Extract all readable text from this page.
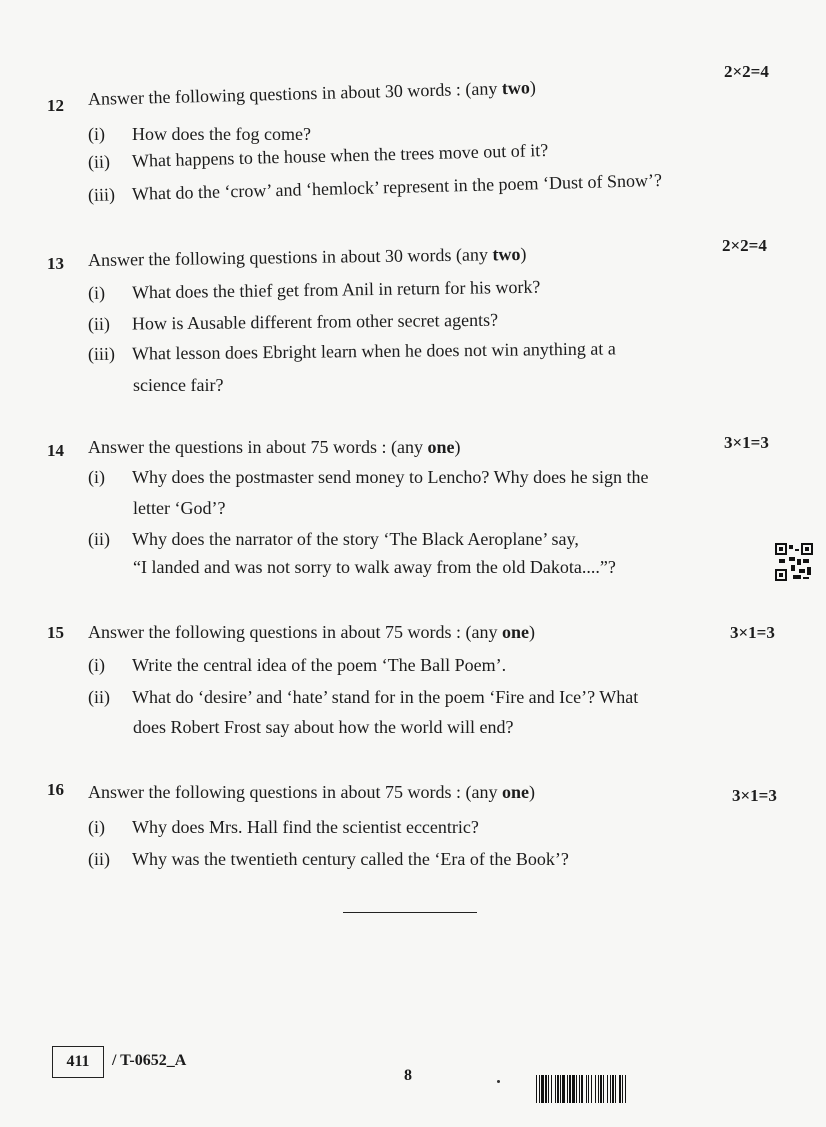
2×2=4
12 Answer the following questions in about 30 words : (any two)
(i) How does the fog come?
(ii) What happens to the house when the trees move out of it?
(iii) What do the ‘crow’ and ‘hemlock’ represent in the poem ‘Dust of Snow’?
2×2=4
13 Answer the following questions in about 30 words (any two)
(i) What does the thief get from Anil in return for his work?
(ii) How is Ausable different from other secret agents?
(iii) What lesson does Ebright learn when he does not win anything at a
science fair?
3×1=3
14 Answer the questions in about 75 words : (any one)
(i) Why does the postmaster send money to Lencho? Why does he sign the
letter ‘God’?
(ii) Why does the narrator of the story ‘The Black Aeroplane’ say,
“I landed and was not sorry to walk away from the old Dakota....”?
3×1=3
15 Answer the following questions in about 75 words : (any one)
(i) Write the central idea of the poem ‘The Ball Poem’.
(ii) What do ‘desire’ and ‘hate’ stand for in the poem ‘Fire and Ice’? What
does Robert Frost say about how the world will end?
3×1=3
16 Answer the following questions in about 75 words : (any one)
(i) Why does Mrs. Hall find the scientist eccentric?
(ii) Why was the twentieth century called the ‘Era of the Book’?
411	/ T-0652_A
8
